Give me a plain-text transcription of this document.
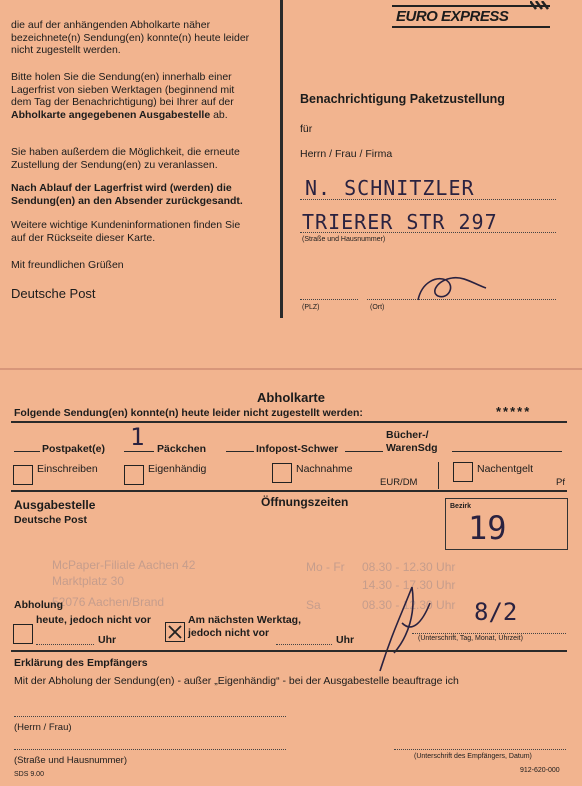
die auf der anhängenden Abholkarte näher bezeichnete(n) Sendung(en) konnte(n) heute leider nicht zugestellt werden.
Bitte holen Sie die Sendung(en) innerhalb einer Lagerfrist von sieben Werktagen (beginnend mit dem Tag der Benachrichtigung) bei Ihrer auf der Abholkarte angegebenen Ausgabestelle ab.
Sie haben außerdem die Möglichkeit, die erneute Zustellung der Sendung(en) zu veranlassen.
Nach Ablauf der Lagerfrist wird (werden) die Sendung(en) an den Absender zurückgesandt.
Weitere wichtige Kundeninformationen finden Sie auf der Rückseite dieser Karte.
Mit freundlichen Grüßen
Deutsche Post
EURO EXPRESS
Benachrichtigung Paketzustellung
für
Herrn / Frau / Firma
N. SCHNITZLER
TRIERER STR 297
(Straße und Hausnummer)
(PLZ)	(Ort)
Abholkarte
Folgende Sendung(en) konnte(n) heute leider nicht zugestellt werden:	*****
1
Postpaket(e)	Päckchen	Infopost-Schwer
Bücher-/ WarenSdg
Einschreiben	Eigenhändig	Nachnahme
EUR/DM
Nachentgelt
Pf
Ausgabestelle
Deutsche Post
Öffnungszeiten	Bezirk
19
McPaper-Filiale Aachen 42
Marktplatz 30
52076 Aachen/Brand
Mo - Fr 08.30 - 12.30 Uhr
14.30 - 17.30 Uhr
Sa	08.30 - 12.30 Uhr
Abholung
heute, jedoch nicht vor
Uhr
Am nächsten Werktag, jedoch nicht vor
Uhr
8/2
(Unterschrift, Tag, Monat, Uhrzeit)
Erklärung des Empfängers
Mit der Abholung der Sendung(en) - außer „Eigenhändig“ - bei der Ausgabestelle beauftrage ich
(Herrn / Frau)
(Straße und Hausnummer)	(Unterschrift des Empfängers, Datum)
SDS 9.00
912-620-000
